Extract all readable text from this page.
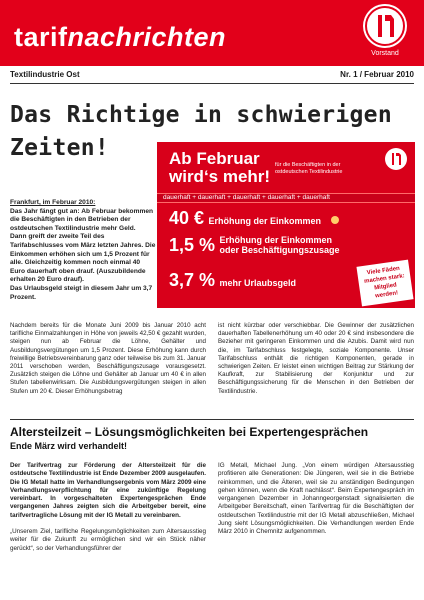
tarifnachrichten
Vorstand
Textilindustrie Ost	Nr. 1 / Februar 2010
Das Richtige in schwierigen Zeiten!	Ab Februar
wird‘s mehr!
für die Beschäftigten in der ostdeutschen Textilindustrie
dauerhaft + dauerhaft + dauerhaft + dauerhaft + dauerhaft
40 € Erhöhung der Einkommen
1,5 % Erhöhung der Einkommen
oder Beschäftigungszusage
3,7 % mehr Urlaubsgeld
Viele Fäden machen stark: Mitglied werden!

Frankfurt, im Februar 2010:

Das Jahr fängt gut an: Ab Februar bekommen die Beschäftigten in den Betrieben der ostdeutschen Textilindustrie mehr Geld.

Dann greift der zweite Teil des Tarifabschlusses vom März letzten Jahres. Die Einkommen erhöhen sich um 1,5 Prozent für alle. Gleichzeitig kommen noch einmal 40 Euro dauerhaft oben drauf. (Auszubildende erhalten 20 Euro drauf).

Das Urlaubsgeld steigt in diesem Jahr um 3,7 Prozent.

Nachdem bereits für die Monate Juni 2009 bis Januar 2010 acht tarifliche Einmalzahlungen in Höhe von jeweils 42,50 € gezahlt wurden, steigen nun ab Februar die Löhne, Gehälter und Ausbildungsvergütungen um 1,5 Prozent. Diese Erhöhung kann durch freiwillige Betriebsvereinbarung ganz oder teilweise bis zum 31. Januar 2011 verschoben werden, Beschäftigungszusage vorausgesetzt. Zusätzlich steigen die Löhne und Gehälter ab Januar um 40 € in allen Stufen tabellenwirksam. Die Ausbildungsvergütungen steigen in allen Stufen um 20 €. Dieser Erhöhungsbetrag

ist nicht kürzbar oder verschiebbar. Die Gewinner der zusätzlichen dauerhaften Tabellenerhöhung um 40 oder 20 € sind insbesondere die Bezieher mit geringeren Einkommen und die Azubis. Damit wird nun die, im Tarifabschluss festgelegte, soziale Komponente. Unser Tarifabschluss enthält die richtigen Komponenten, gerade in schwierigen Zeiten. Er leistet einen wichtigen Beitrag zur Stärkung der Kaufkraft, zur Stabilisierung der Konjunktur und zur Beschäftigungssicherung für die Menschen in den Betrieben der Textilindustrie.

Altersteilzeit – Lösungsmöglichkeiten bei Expertengesprächen
Ende März wird verhandelt!

Der Tarifvertrag zur Förderung der Altersteilzeit für die ostdeutsche Textilindustrie ist Ende Dezember 2009 ausgelaufen. Die IG Metall hatte im Verhandlungsergebnis vom März 2009 eine Verhandlungsverpflichtung für eine zukünftige Regelung vereinbart. In vorgeschalteten Expertengesprächen Ende vergangenen Jahres zeigten sich die Arbeitgeber bereit, eine tarifvertragliche Lösung mit der IG Metall zu vereinbaren.

„Unserem Ziel, tarifliche Regelungsmöglichkeiten zum Altersausstieg weiter für die Zukunft zu ermöglichen sind wir ein Stück näher gerückt“, so der Verhandlungsführer der

IG Metall, Michael Jung. „Von einem würdigen Altersausstieg profitieren alle Generationen: Die Jüngeren, weil sie in die Betriebe reinkommen, und die Älteren, weil sie zu anständigen Bedingungen gehen können, wenn die Kraft nachlässt“. Beim Expertengespräch im vergangenen Dezember in Johanngeorgenstadt signalisierten die Arbeitgeber Bereitschaft, einen Tarifvertrag für die Beschäftigten der ostdeutschen Textilindustrie mit der IG Metall abzuschließen, Michael Jung sieht Lösungsmöglichkeiten. Die Verhandlungen werden Ende März 2010 in Chemnitz aufgenommen.
